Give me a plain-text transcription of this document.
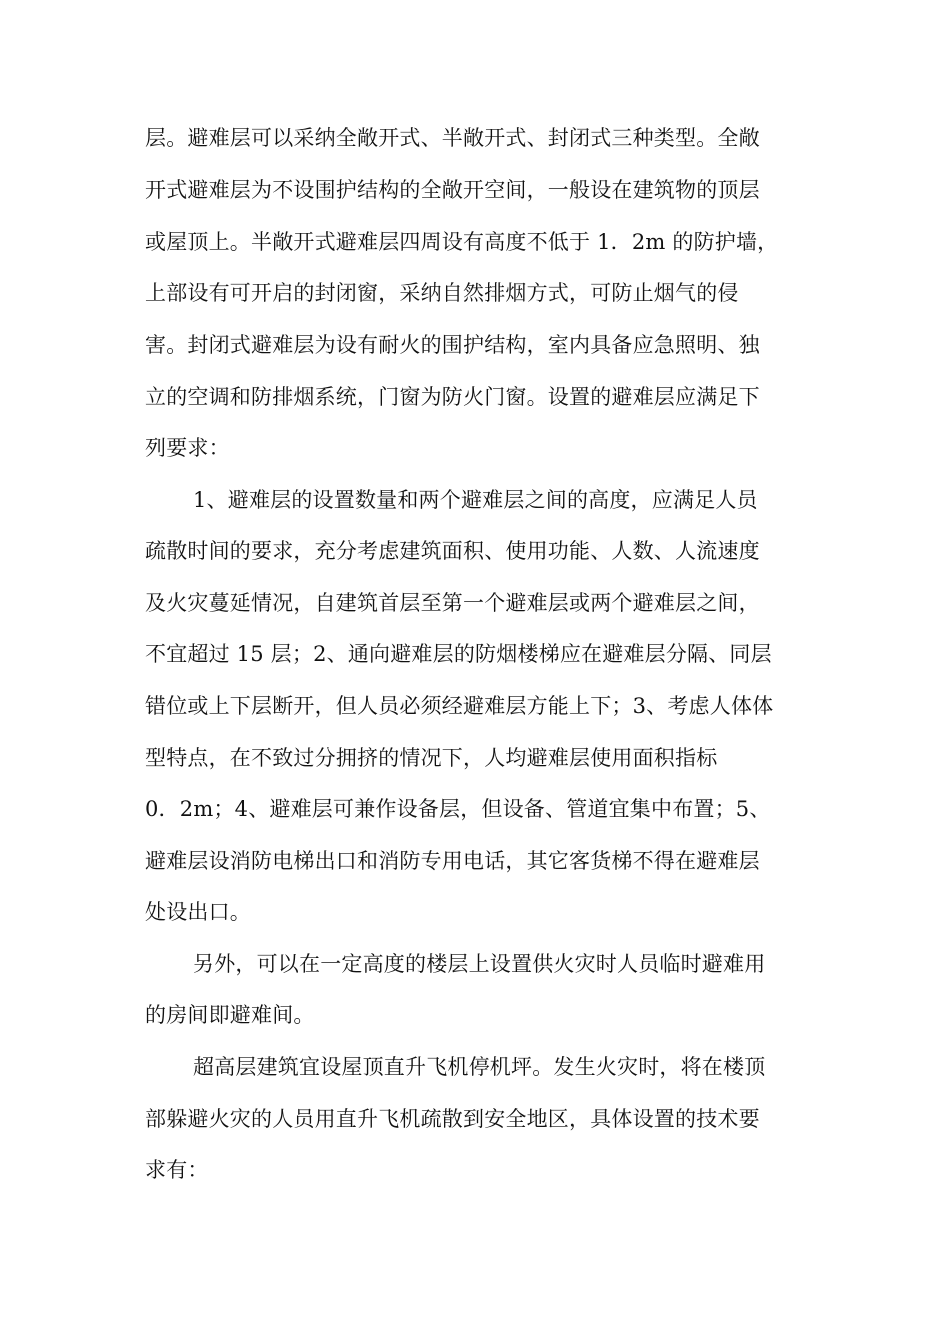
层。避难层可以采纳全敞开式、半敞开式、封闭式三种类型。全敞
开式避难层为不设围护结构的全敞开空间，一般设在建筑物的顶层
或屋顶上。半敞开式避难层四周设有高度不低于 1．2m 的防护墙，
上部设有可开启的封闭窗，采纳自然排烟方式，可防止烟气的侵
害。封闭式避难层为设有耐火的围护结构，室内具备应急照明、独
立的空调和防排烟系统，门窗为防火门窗。设置的避难层应满足下
列要求：
1、避难层的设置数量和两个避难层之间的高度，应满足人员
疏散时间的要求，充分考虑建筑面积、使用功能、人数、人流速度
及火灾蔓延情况，自建筑首层至第一个避难层或两个避难层之间，
不宜超过 15 层；2、通向避难层的防烟楼梯应在避难层分隔、同层
错位或上下层断开，但人员必须经避难层方能上下；3、考虑人体体
型特点，在不致过分拥挤的情况下，人均避难层使用面积指标
0．2m；4、避难层可兼作设备层，但设备、管道宜集中布置；5、
避难层设消防电梯出口和消防专用电话，其它客货梯不得在避难层
处设出口。
另外，可以在一定高度的楼层上设置供火灾时人员临时避难用
的房间即避难间。
超高层建筑宜设屋顶直升飞机停机坪。发生火灾时，将在楼顶
部躲避火灾的人员用直升飞机疏散到安全地区，具体设置的技术要
求有：
